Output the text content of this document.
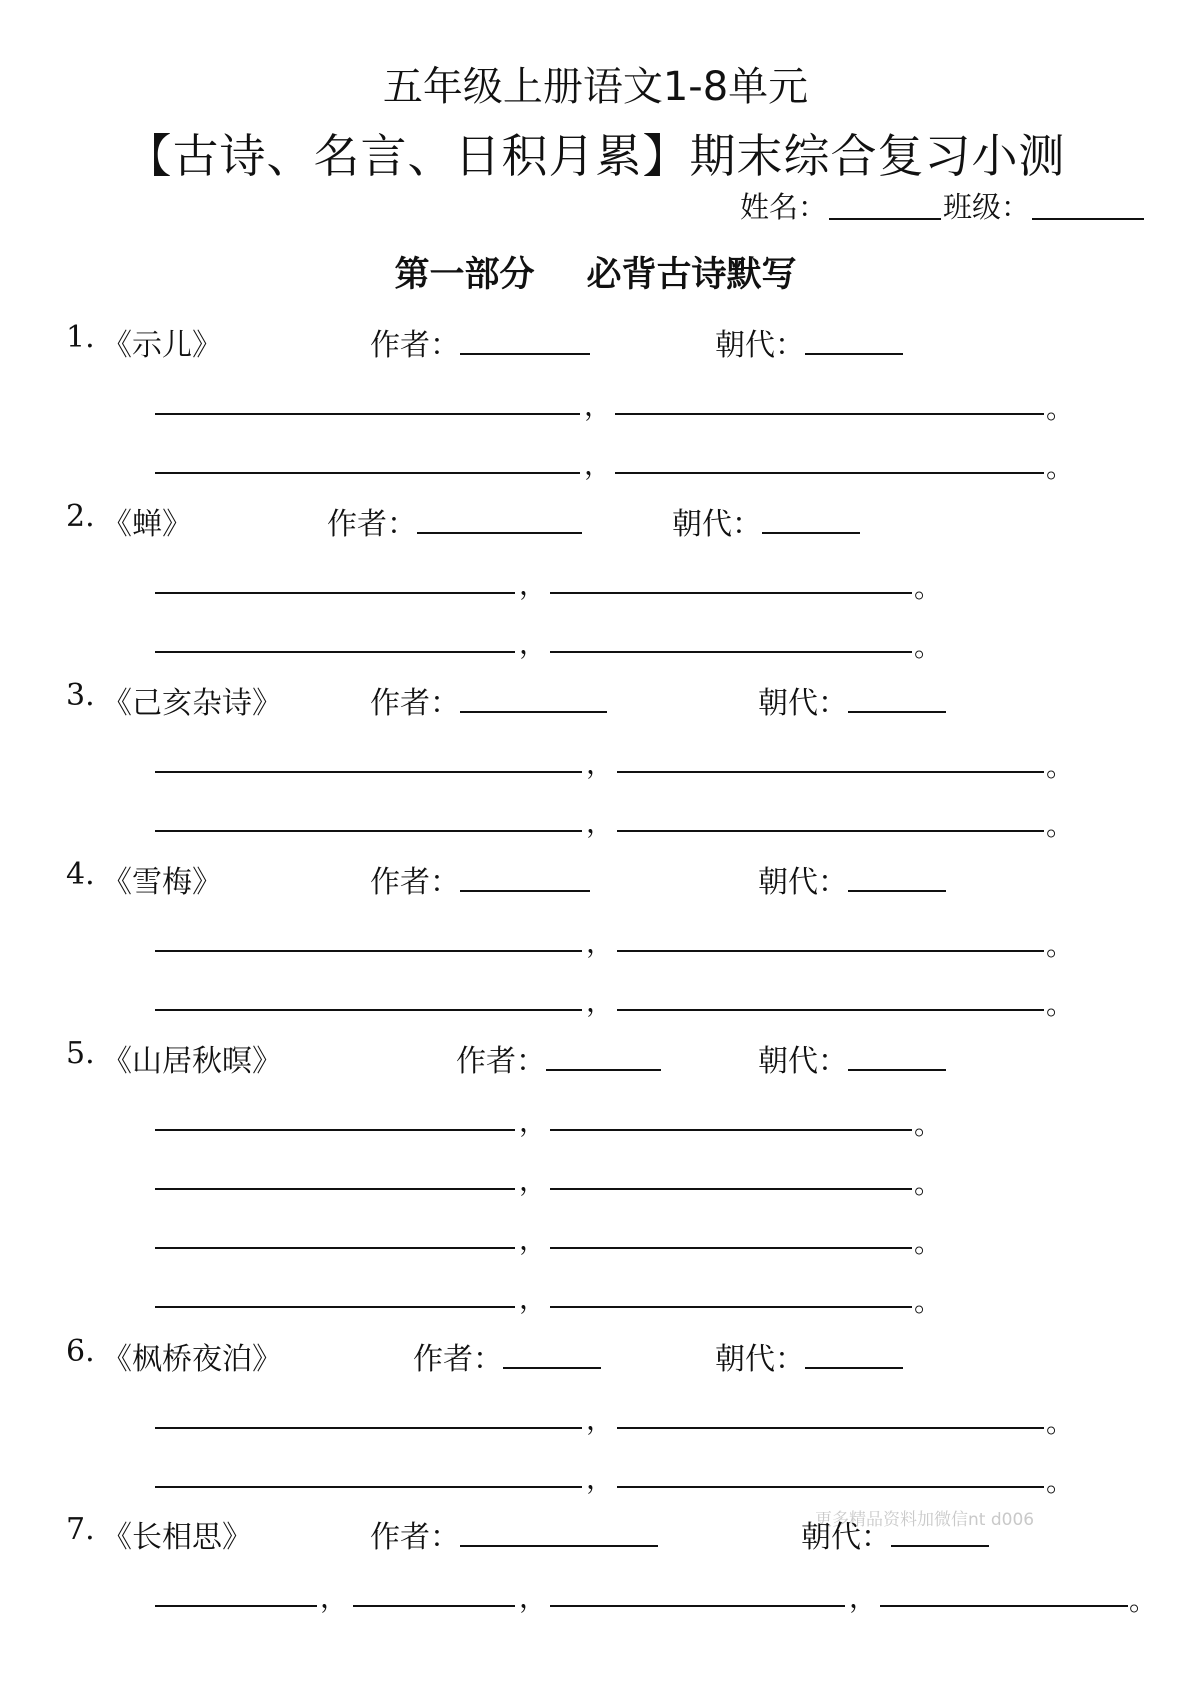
五年级上册语文1-8单元
【古诗、名言、日积月累】期末综合复习小测
姓名：	班级：
第一部分 必背古诗默写
1. 《示儿》	作者：	朝代：
，	。
，	。
2. 《蝉》	作者：	朝代：
，	。
，	。
3. 《己亥杂诗》	作者：	朝代：
，	。
，	。
4. 《雪梅》	作者：	朝代：
，	。
，	。
5. 《山居秋暝》	作者：	朝代：
，	。
，	。
，	。
，	。
6. 《枫桥夜泊》	作者：	朝代：
，	。
，	。
更多精品资料加微信nt d006
7. 《长相思》	作者：	朝代：
，	，	，	。
